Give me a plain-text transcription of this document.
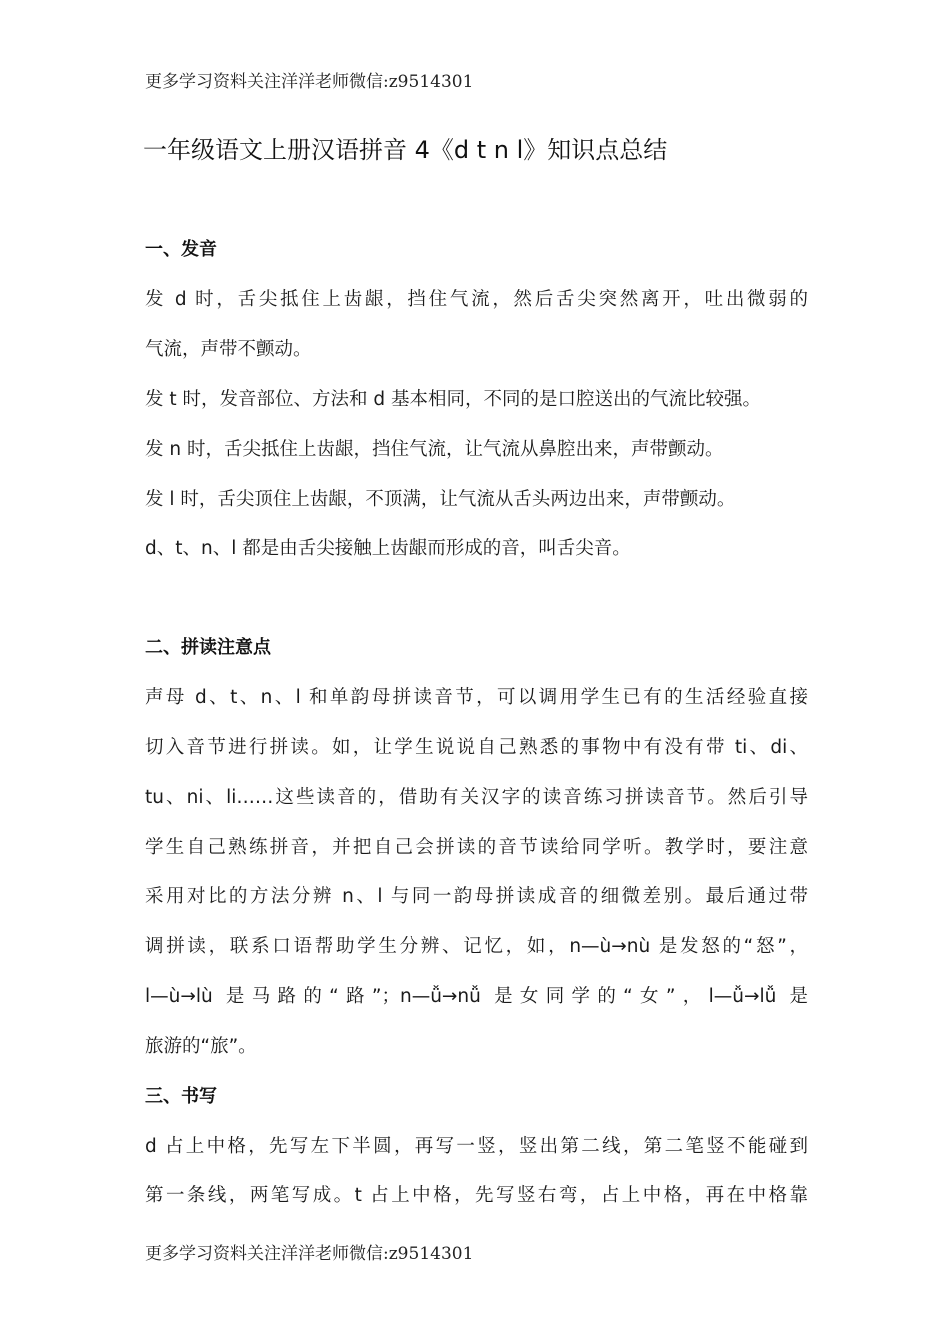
更多学习资料关注洋洋老师微信:z9514301
一年级语文上册汉语拼音 4《d t n l》知识点总结
一、发音
发 d 时，舌尖抵住上齿龈，挡住气流，然后舌尖突然离开，吐出微弱的
气流，声带不颤动。
发 t 时，发音部位、方法和 d 基本相同，不同的是口腔送出的气流比较强。
发 n 时，舌尖抵住上齿龈，挡住气流，让气流从鼻腔出来，声带颤动。
发 l 时，舌尖顶住上齿龈，不顶满，让气流从舌头两边出来，声带颤动。
d、t、n、l 都是由舌尖接触上齿龈而形成的音，叫舌尖音。
二、拼读注意点
声母 d、t、n、l 和单韵母拼读音节，可以调用学生已有的生活经验直接
切入音节进行拼读。如，让学生说说自己熟悉的事物中有没有带 ti、di、
tu、ni、li……这些读音的，借助有关汉字的读音练习拼读音节。然后引导
学生自己熟练拼音，并把自己会拼读的音节读给同学听。教学时，要注意
采用对比的方法分辨 n、l 与同一韵母拼读成音的细微差别。最后通过带
调拼读，联系口语帮助学生分辨、记忆，如，n—ù→nù 是发怒的“怒”，
l—ù→lù 是马路的“路”；n—ǚ→nǚ 是女同学的“女”，l—ǚ→lǚ 是
旅游的“旅”。
三、书写
d 占上中格，先写左下半圆，再写一竖，竖出第二线，第二笔竖不能碰到
第一条线，两笔写成。t 占上中格，先写竖右弯，占上中格，再在中格靠
更多学习资料关注洋洋老师微信:z9514301
